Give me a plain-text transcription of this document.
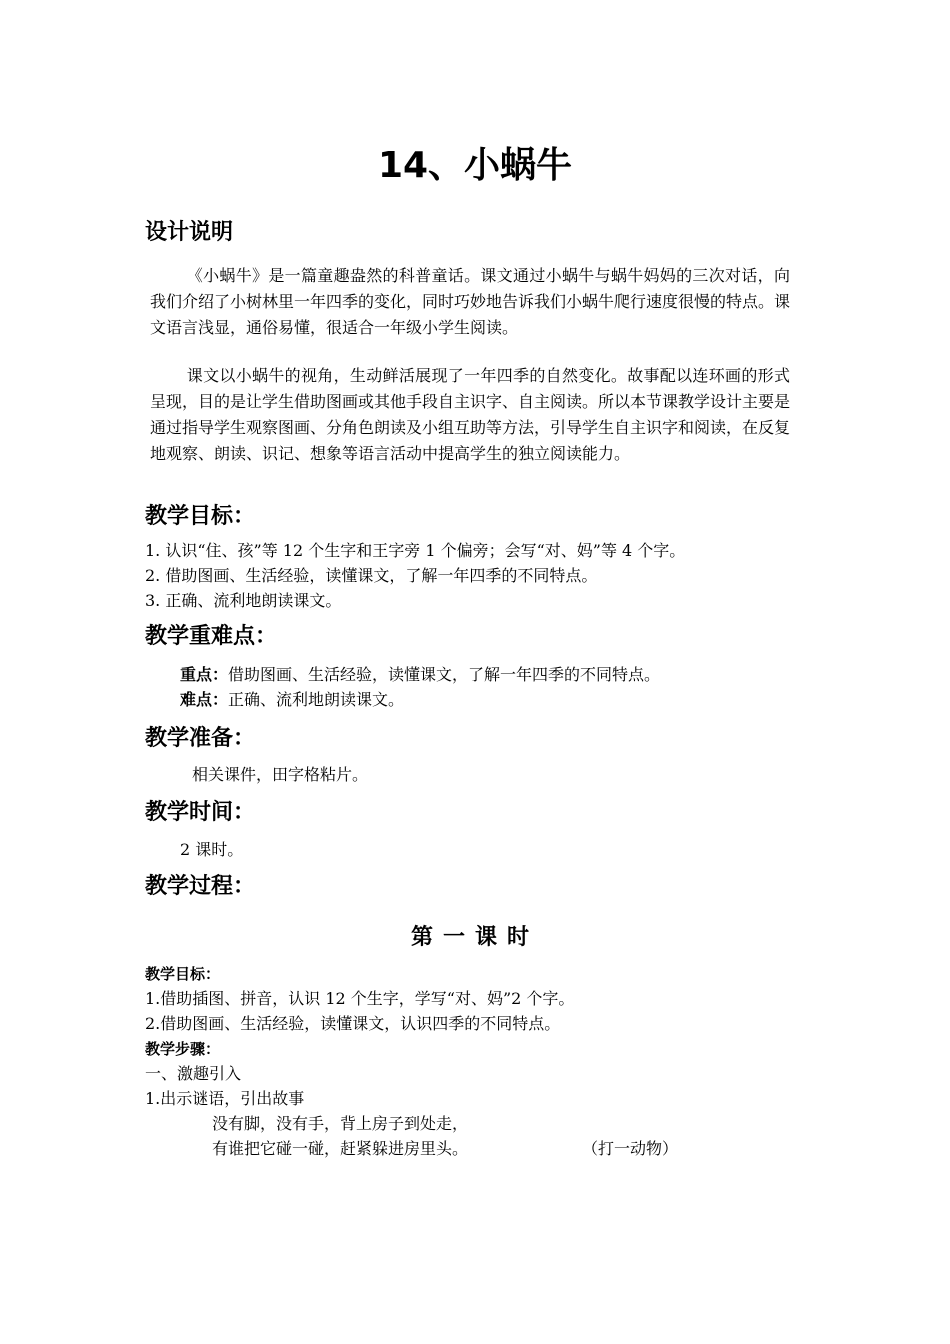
14、小蜗牛
设计说明
《小蜗牛》是一篇童趣盎然的科普童话。课文通过小蜗牛与蜗牛妈妈的三次对话，向我们介绍了小树林里一年四季的变化，同时巧妙地告诉我们小蜗牛爬行速度很慢的特点。课文语言浅显，通俗易懂，很适合一年级小学生阅读。
课文以小蜗牛的视角，生动鲜活展现了一年四季的自然变化。故事配以连环画的形式呈现，目的是让学生借助图画或其他手段自主识字、自主阅读。所以本节课教学设计主要是通过指导学生观察图画、分角色朗读及小组互助等方法，引导学生自主识字和阅读，在反复地观察、朗读、识记、想象等语言活动中提高学生的独立阅读能力。
教学目标：
1. 认识“住、孩”等 12 个生字和王字旁 1 个偏旁；会写“对、妈”等 4 个字。
2. 借助图画、生活经验，读懂课文，了解一年四季的不同特点。
3. 正确、流利地朗读课文。
教学重难点：
重点：借助图画、生活经验，读懂课文，了解一年四季的不同特点。
难点：正确、流利地朗读课文。
教学准备：
相关课件，田字格粘片。
教学时间：
2 课时。
教学过程：
第一课时
教学目标：
1.借助插图、拼音，认识 12 个生字，学写“对、妈”2 个字。
2.借助图画、生活经验，读懂课文，认识四季的不同特点。
教学步骤：
一、激趣引入
1.出示谜语，引出故事
没有脚，没有手，背上房子到处走，
有谁把它碰一碰，赶紧躲进房里头。	（打一动物）
